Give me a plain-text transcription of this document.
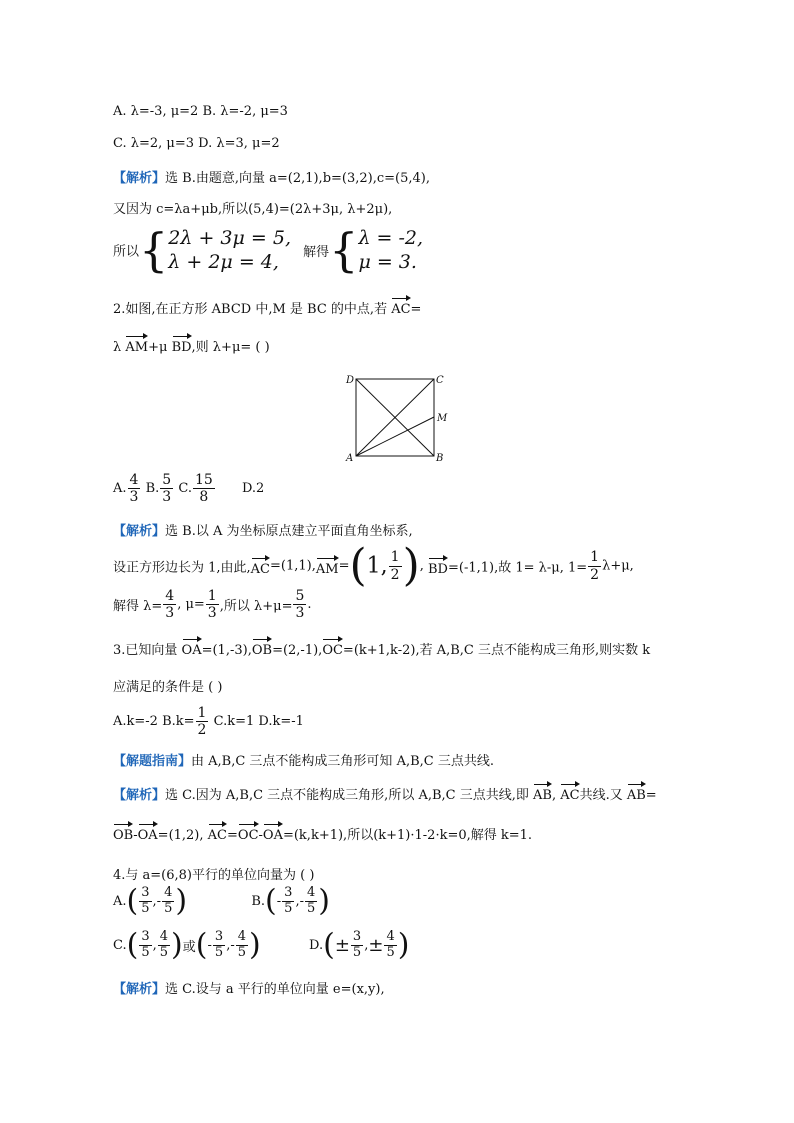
A. λ=-3, μ=2 B. λ=-2, μ=3
C. λ=2, μ=3 D. λ=3, μ=2
【解析】选 B.由题意,向量 a=(2,1),b=(3,2),c=(5,4),
又因为 c=λa+μb,所以(5,4)=(2λ+3μ, λ+2μ),
所以{ 2λ + 3μ = 5,
λ + 2μ = 4,	解得{ λ = -2,
μ = 3.
2.如图,在正方形 ABCD 中,M 是 BC 的中点,若 AC=
λ AM+μ BD,则 λ+μ= ( )
D	C
M
A	B
A. $\frac{4}{3} B$. $\frac{5}{3} C$. $\frac{15}{8} D.2$
【解析】选 B.以 A 为坐标原点建立平面直角坐标系,
设正方形边长为 1,由此,AC=(1,1),AM=(1, $\frac{1}{2}$ ), BD=(-1,1),故 1= λ-μ, $1= \frac{1}{2} \lambda+\mu$,
解得 $\lambda= \frac{4}{3}$ , $\mu= \frac{1}{3}$ ,所以 $\lambda+\mu= \frac{5}{3}$ .
3.已知向量 OA=(1,-3),OB=(2,-1),OC=(k+1,k-2),若 A,B,C 三点不能构成三角形,则实数 k
应满足的条件是 ( )
A.k=-2 $B.k= \frac{1}{2} C.k=1$ D.k=-1
【解题指南】由 A,B,C 三点不能构成三角形可知 A,B,C 三点共线.
【解析】选 C.因为 A,B,C 三点不能构成三角形,所以 A,B,C 三点共线,即 AB, AC共线.又 AB=
OB-OA=(1,2), AC=OC-OA=(k,k+1),所以(k+1)·1-2·k=0,解得 k=1.
4.与 a=(6,8)平行的单位向量为 ( )
$A.( \frac{3}{5}$ ,- $\frac{4}{5}$ )	$B.(- \frac{3}{5}$ ,- $\frac{4}{5}$ )
$C.( \frac{3}{5}$ , $\frac{4}{5}$ )或(- $\frac{3}{5}$ ,- $\frac{4}{5}$ )	$D.(\pm \frac{3}{5}$ ,± $\frac{4}{5}$ )
【解析】选 C.设与 a 平行的单位向量 e=(x,y),
